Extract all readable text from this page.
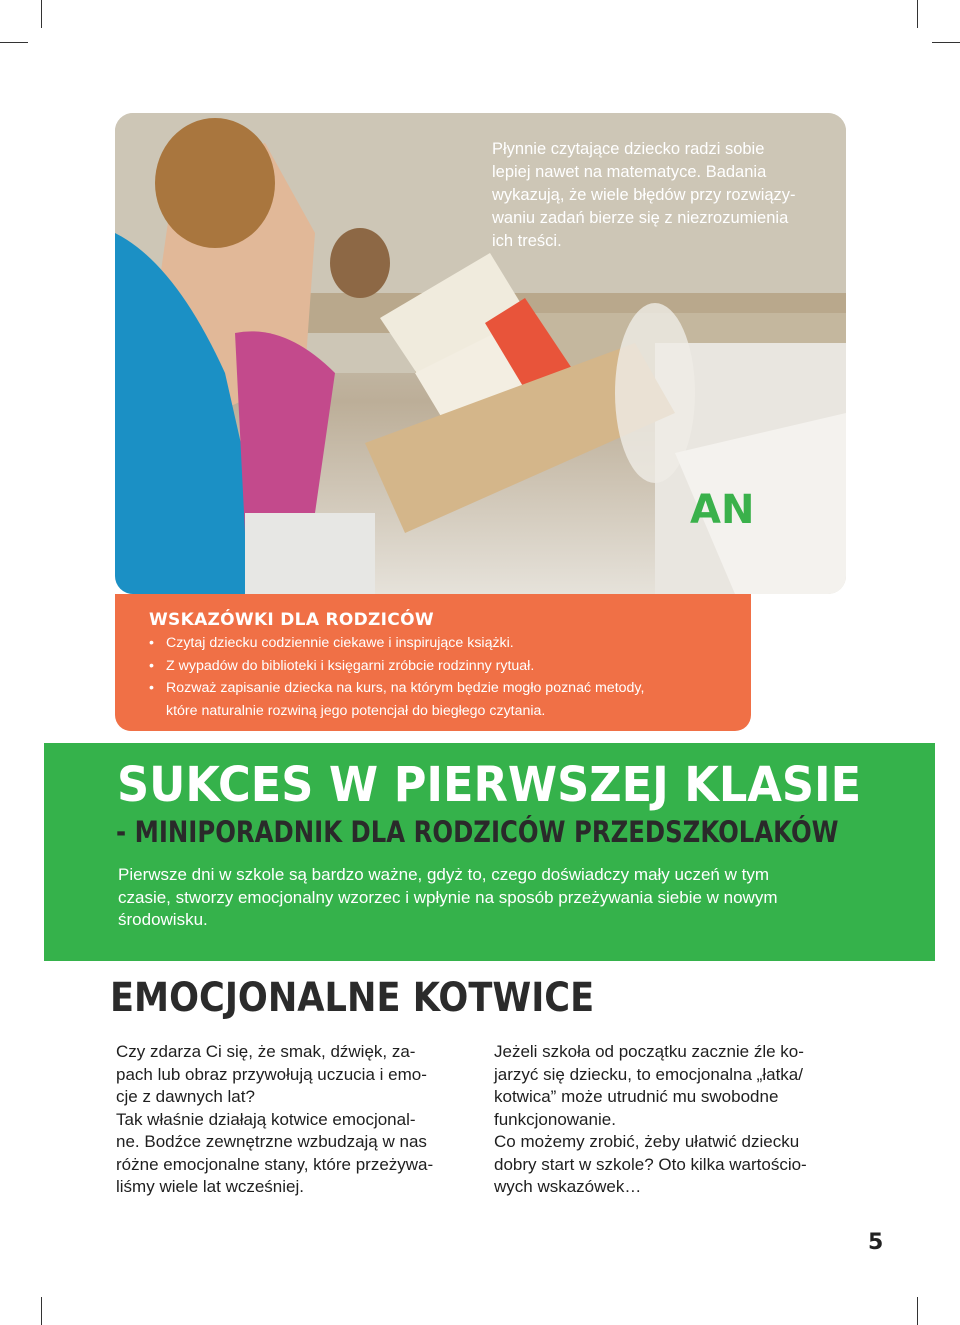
AN

Płynnie czytające dziecko radzi sobie
lepiej nawet na matematyce. Badania
wykazują, że wiele błędów przy rozwiązy-
waniu zadań bierze się z niezrozumienia
ich treści.

WSKAZÓWKI DLA RODZICÓW
• Czytaj dziecku codziennie ciekawe i inspirujące książki.
• Z wypadów do biblioteki i księgarni zróbcie rodzinny rytuał.
• Rozważ zapisanie dziecka na kurs, na którym będzie mogło poznać metody,
które naturalnie rozwiną jego potencjał do biegłego czytania.
SUKCES W PIERWSZEJ KLASIE
- MINIPORADNIK DLA RODZICÓW PRZEDSZKOLAKÓW

Pierwsze dni w szkole są bardzo ważne, gdyż to, czego doświadczy mały uczeń w tym
czasie, stworzy emocjonalny wzorzec i wpłynie na sposób przeżywania siebie w nowym
środowisku.

EMOCJONALNE KOTWICE
Czy zdarza Ci się, że smak, dźwięk, za-
pach lub obraz przywołują uczucia i emo-
cje z dawnych lat?
Tak właśnie działają kotwice emocjonal-
ne. Bodźce zewnętrzne wzbudzają w nas
różne emocjonalne stany, które przeżywa-
liśmy wiele lat wcześniej.
Jeżeli szkoła od początku zacznie źle ko-
jarzyć się dziecku, to emocjonalna „łatka/
kotwica” może utrudnić mu swobodne
funkcjonowanie.
Co możemy zrobić, żeby ułatwić dziecku
dobry start w szkole? Oto kilka wartościo-
wych wskazówek…

5
